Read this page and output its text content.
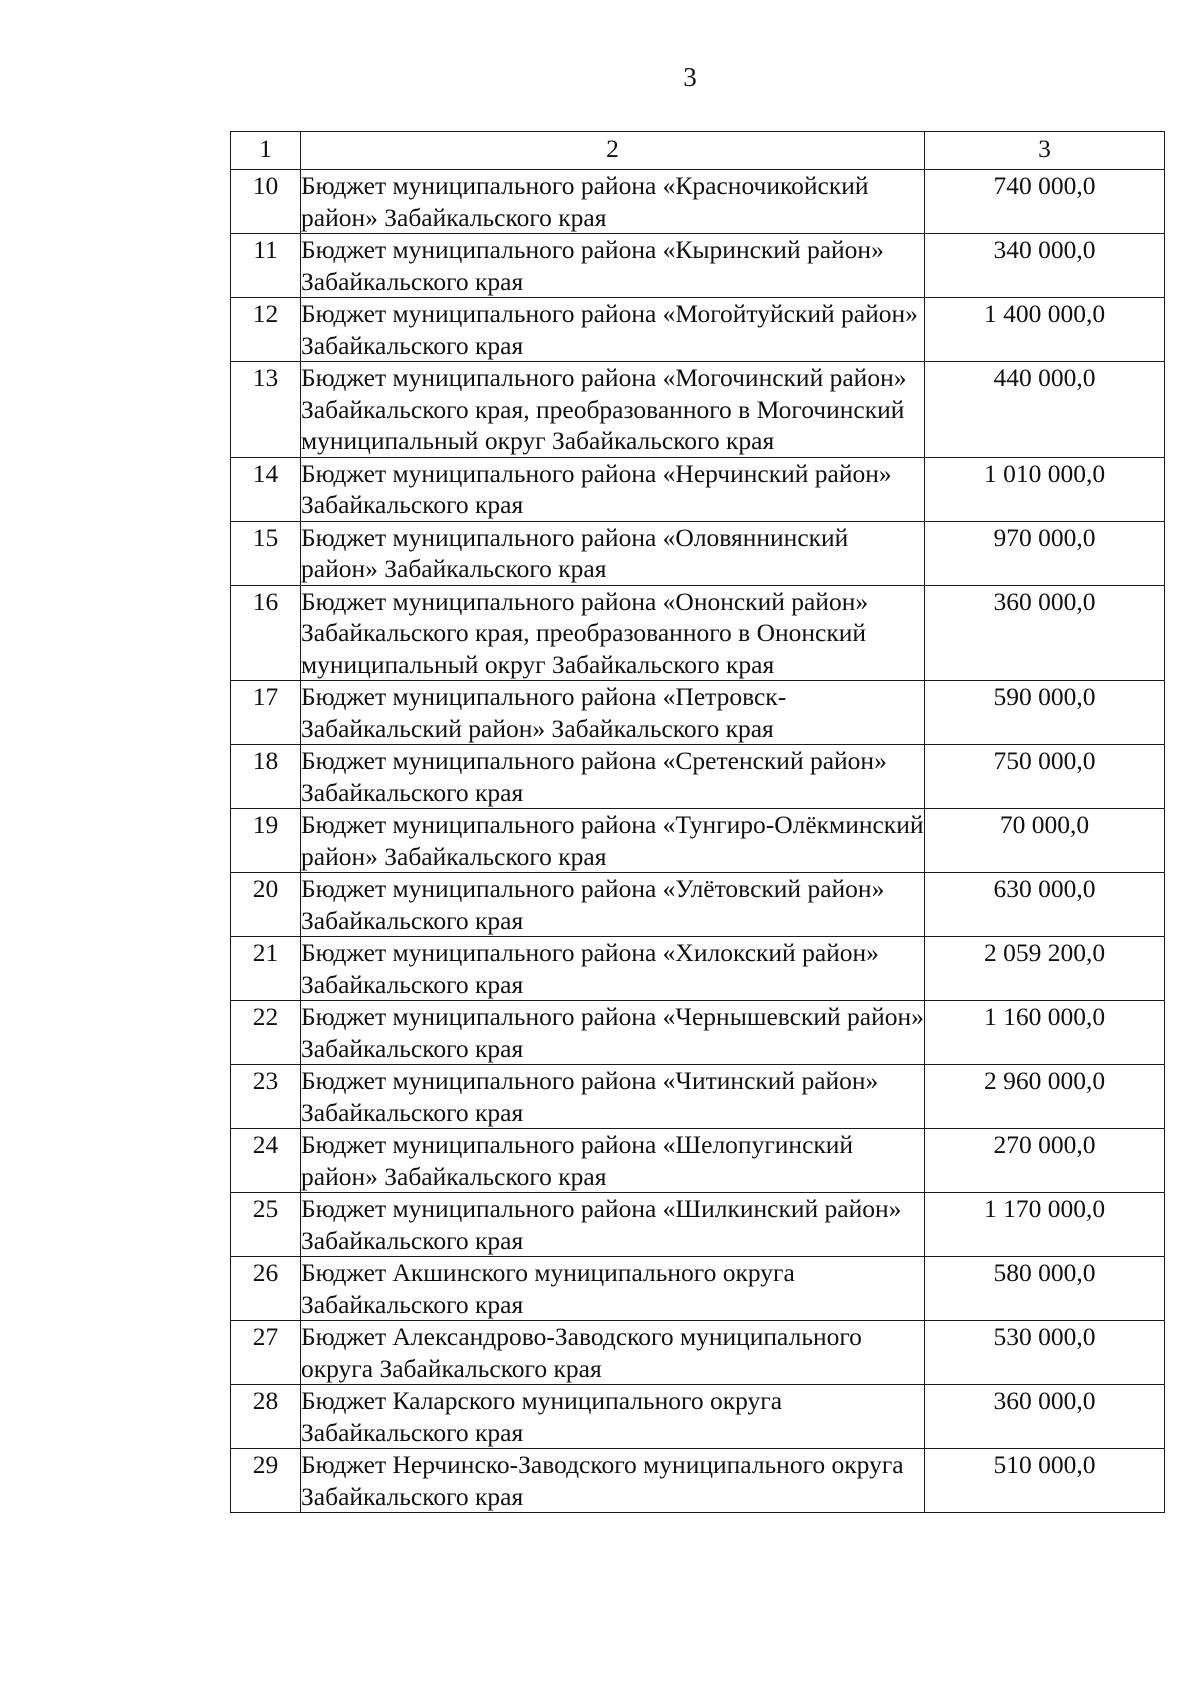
3
1	2	3
10	Бюджет муниципального района «Красночикойский район» Забайкальского края	740 000,0
11	Бюджет муниципального района «Кыринский район» Забайкальского края	340 000,0
12	Бюджет муниципального района «Могойтуйский район» Забайкальского края	1 400 000,0
13	Бюджет муниципального района «Могочинский район» Забайкальского края, преобразованного в Могочинский муниципальный округ Забайкальского края	440 000,0
14	Бюджет муниципального района «Нерчинский район» Забайкальского края	1 010 000,0
15	Бюджет муниципального района «Оловяннинский район» Забайкальского края	970 000,0
16	Бюджет муниципального района «Ононский район» Забайкальского края, преобразованного в Ононский муниципальный округ Забайкальского края	360 000,0
17	Бюджет муниципального района «Петровск-Забайкальский район» Забайкальского края	590 000,0
18	Бюджет муниципального района «Сретенский район» Забайкальского края	750 000,0
19	Бюджет муниципального района «Тунгиро-Олёкминский район» Забайкальского края	70 000,0
20	Бюджет муниципального района «Улётовский район» Забайкальского края	630 000,0
21	Бюджет муниципального района «Хилокский район» Забайкальского края	2 059 200,0
22	Бюджет муниципального района «Чернышевский район» Забайкальского края	1 160 000,0
23	Бюджет муниципального района «Читинский район» Забайкальского края	2 960 000,0
24	Бюджет муниципального района «Шелопугинский район» Забайкальского края	270 000,0
25	Бюджет муниципального района «Шилкинский район» Забайкальского края	1 170 000,0
26	Бюджет Акшинского муниципального округа Забайкальского края	580 000,0
27	Бюджет Александрово-Заводского муниципального округа Забайкальского края	530 000,0
28	Бюджет Каларского муниципального округа Забайкальского края	360 000,0
29	Бюджет Нерчинско-Заводского муниципального округа Забайкальского края	510 000,0
